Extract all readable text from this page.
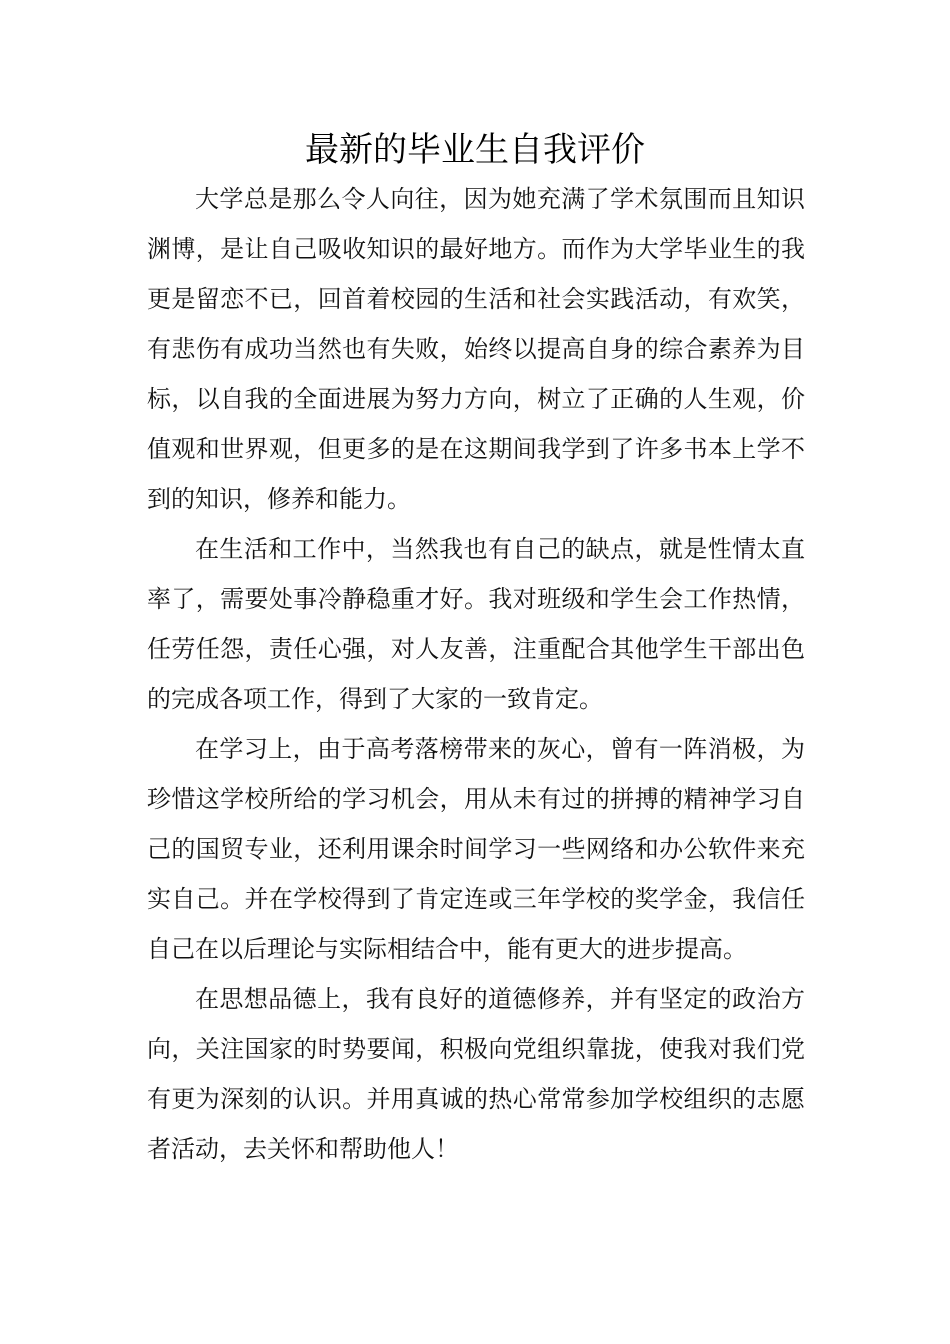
最新的毕业生自我评价

大学总是那么令人向往，因为她充满了学术氛围而且知识渊博，是让自己吸收知识的最好地方。而作为大学毕业生的我更是留恋不已，回首着校园的生活和社会实践活动，有欢笑，有悲伤有成功当然也有失败，始终以提高自身的综合素养为目标，以自我的全面进展为努力方向，树立了正确的人生观，价值观和世界观，但更多的是在这期间我学到了许多书本上学不到的知识，修养和能力。

在生活和工作中，当然我也有自己的缺点，就是性情太直率了，需要处事冷静稳重才好。我对班级和学生会工作热情，任劳任怨，责任心强，对人友善，注重配合其他学生干部出色的完成各项工作，得到了大家的一致肯定。

在学习上，由于高考落榜带来的灰心，曾有一阵消极，为珍惜这学校所给的学习机会，用从未有过的拼搏的精神学习自己的国贸专业，还利用课余时间学习一些网络和办公软件来充实自己。并在学校得到了肯定连或三年学校的奖学金，我信任自己在以后理论与实际相结合中，能有更大的进步提高。

在思想品德上，我有良好的道德修养，并有坚定的政治方向，关注国家的时势要闻，积极向党组织靠拢，使我对我们党有更为深刻的认识。并用真诚的热心常常参加学校组织的志愿者活动，去关怀和帮助他人！
